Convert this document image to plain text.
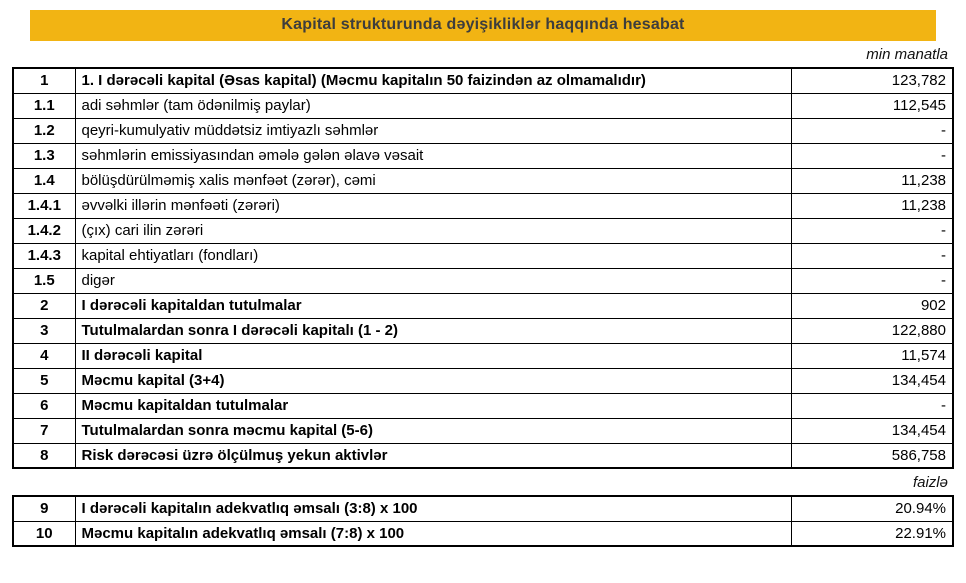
Kapital strukturunda dəyişikliklər haqqında hesabat
min manatla
1	1. I dərəcəli kapital (Əsas kapital) (Məcmu kapitalın 50 faizindən az olmamalıdır)	123,782
1.1	adi səhmlər (tam ödənilmiş paylar)	112,545
1.2	qeyri-kumulyativ müddətsiz imtiyazlı səhmlər	-
1.3	səhmlərin emissiyasından əmələ gələn əlavə vəsait	-
1.4	bölüşdürülməmiş xalis mənfəət (zərər), cəmi	11,238
1.4.1	əvvəlki illərin mənfəəti (zərəri)	11,238
1.4.2	(çıx) cari ilin zərəri	-
1.4.3	kapital ehtiyatları (fondları)	-
1.5	digər	-
2	I dərəcəli kapitaldan tutulmalar	902
3	Tutulmalardan sonra I dərəcəli kapitalı (1 - 2)	122,880
4	II dərəcəli kapital	11,574
5	Məcmu kapital (3+4)	134,454
6	Məcmu kapitaldan tutulmalar	-
7	Tutulmalardan sonra məcmu kapital (5-6)	134,454
8	Risk dərəcəsi üzrə ölçülmuş yekun aktivlər	586,758
faizlə
9	I dərəcəli kapitalın adekvatlıq əmsalı (3:8) x 100	20.94%
10	Məcmu kapitalın adekvatlıq əmsalı (7:8) x 100	22.91%
